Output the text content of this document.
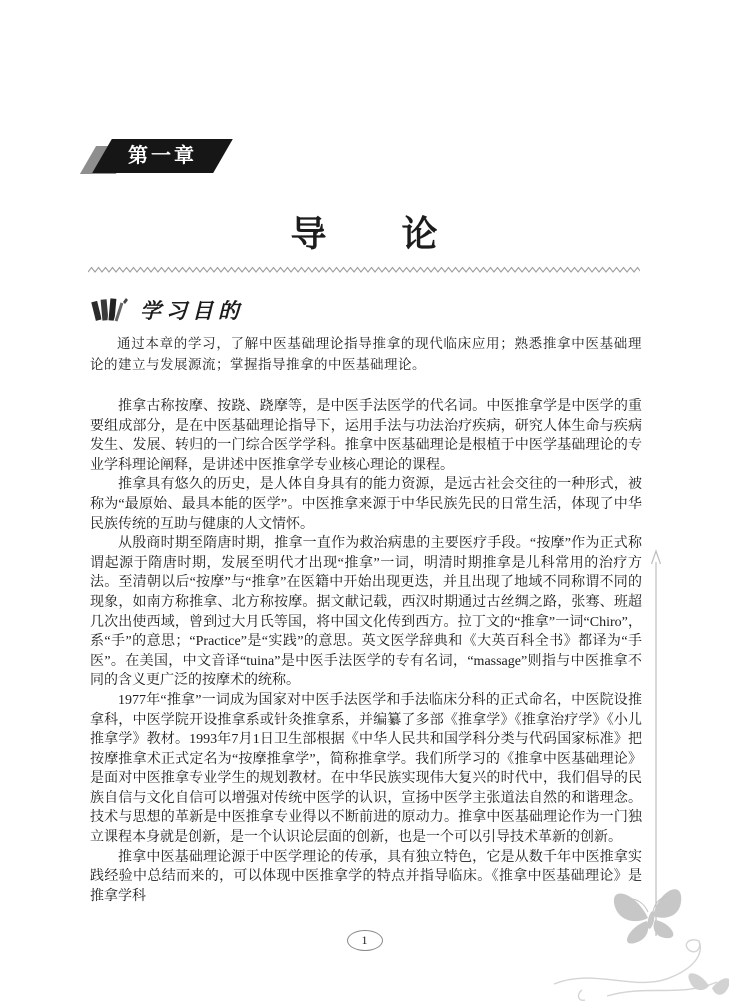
第一章
导　　论
学习目的

通过本章的学习，了解中医基础理论指导推拿的现代临床应用；熟悉推拿中医基础理论的建立与发展源流；掌握指导推拿的中医基础理论。

推拿古称按摩、按跷、跷摩等，是中医手法医学的代名词。中医推拿学是中医学的重要组成部分，是在中医基础理论指导下，运用手法与功法治疗疾病，研究人体生命与疾病发生、发展、转归的一门综合医学学科。推拿中医基础理论是根植于中医学基础理论的专业学科理论阐释，是讲述中医推拿学专业核心理论的课程。

推拿具有悠久的历史，是人体自身具有的能力资源，是远古社会交往的一种形式，被称为“最原始、最具本能的医学”。中医推拿来源于中华民族先民的日常生活，体现了中华民族传统的互助与健康的人文情怀。

从殷商时期至隋唐时期，推拿一直作为救治病患的主要医疗手段。“按摩”作为正式称谓起源于隋唐时期，发展至明代才出现“推拿”一词，明清时期推拿是儿科常用的治疗方法。至清朝以后“按摩”与“推拿”在医籍中开始出现更迭，并且出现了地域不同称谓不同的现象，如南方称推拿、北方称按摩。据文献记载，西汉时期通过古丝绸之路，张骞、班超几次出使西域，曾到过大月氏等国，将中国文化传到西方。拉丁文的“推拿”一词“Chiro”，系“手”的意思；“Practice”是“实践”的意思。英文医学辞典和《大英百科全书》都译为“手医”。在美国，中文音译“tuina”是中医手法医学的专有名词，“massage”则指与中医推拿不同的含义更广泛的按摩术的统称。

1977年“推拿”一词成为国家对中医手法医学和手法临床分科的正式命名，中医院设推拿科，中医学院开设推拿系或针灸推拿系，并编纂了多部《推拿学》《推拿治疗学》《小儿推拿学》教材。1993年7月1日卫生部根据《中华人民共和国学科分类与代码国家标准》把按摩推拿术正式定名为“按摩推拿学”，简称推拿学。我们所学习的《推拿中医基础理论》是面对中医推拿专业学生的规划教材。在中华民族实现伟大复兴的时代中，我们倡导的民族自信与文化自信可以增强对传统中医学的认识，宣扬中医学主张道法自然的和谐理念。技术与思想的革新是中医推拿专业得以不断前进的原动力。推拿中医基础理论作为一门独立课程本身就是创新，是一个认识论层面的创新，也是一个可以引导技术革新的创新。

推拿中医基础理论源于中医学理论的传承，具有独立特色，它是从数千年中医推拿实践经验中总结而来的，可以体现中医推拿学的特点并指导临床。《推拿中医基础理论》是推拿学科

1
